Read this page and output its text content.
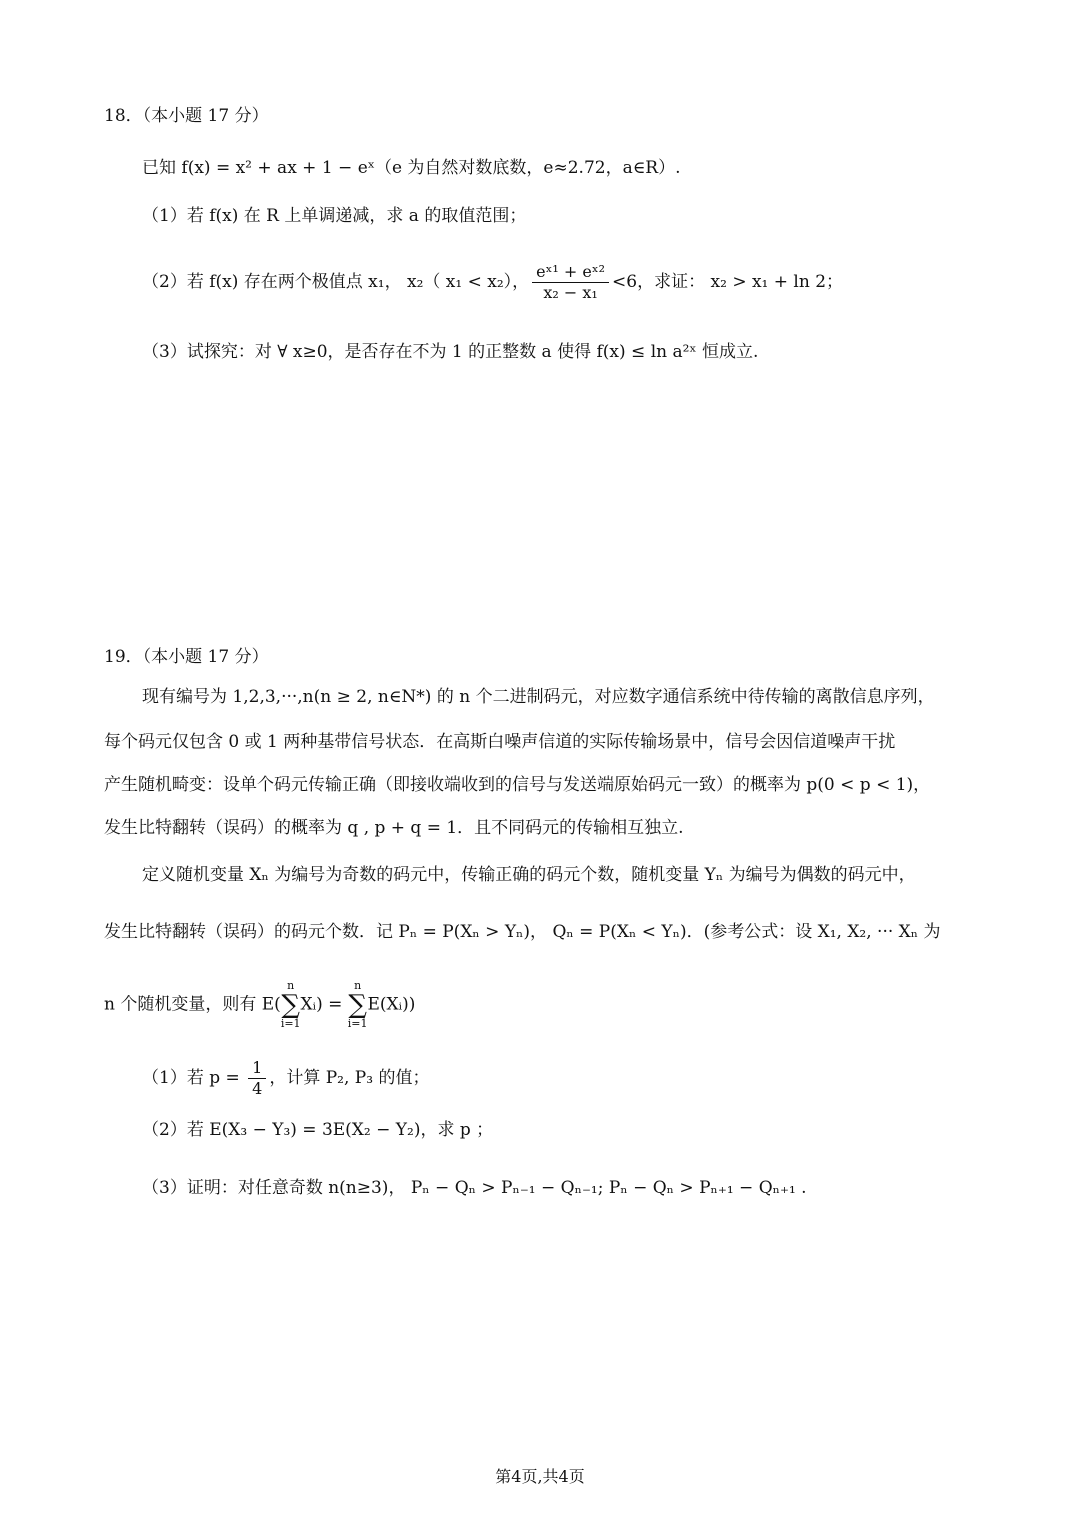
18．（本小题 17 分）
已知 f(x) = x² + ax + 1 − eˣ（e 为自然对数底数，e≈2.72，a∈R）.
（1）若 f(x) 在 R 上单调递减，求 a 的取值范围；
（2）若 f(x) 存在两个极值点 x₁， x₂（ x₁ < x₂）， $\frac{\text{eˣ¹ + eˣ²}}{\text{x₂ − x₁}} <6$，求证： x₂ > x₁ + ln 2；
（3）试探究：对 ∀ x≥0，是否存在不为 1 的正整数 a 使得 f(x) ≤ ln a²ˣ 恒成立.
19．（本小题 17 分）
现有编号为 1,2,3,···,n(n ≥ 2, n∈N*) 的 n 个二进制码元，对应数字通信系统中待传输的离散信息序列，
每个码元仅包含 0 或 1 两种基带信号状态．在高斯白噪声信道的实际传输场景中，信号会因信道噪声干扰
产生随机畸变：设单个码元传输正确（即接收端收到的信号与发送端原始码元一致）的概率为 p(0 < p < 1)，
发生比特翻转（误码）的概率为 q , p + q = 1．且不同码元的传输相互独立.
定义随机变量 Xₙ 为编号为奇数的码元中，传输正确的码元个数，随机变量 Yₙ 为编号为偶数的码元中，
发生比特翻转（误码）的码元个数．记 Pₙ = P(Xₙ > Yₙ)， Qₙ = P(Xₙ < Yₙ)．(参考公式：设 X₁, X₂, ··· Xₙ 为
n 个随机变量，则有 E(
n
∑
i=1
Xᵢ) =
n
∑
i=1
E(Xᵢ))
（1）若 $p = \frac{1}{4}$ ，计算 P₂, P₃ 的值；
（2）若 E(X₃ − Y₃) = 3E(X₂ − Y₂)，求 p ；
（3）证明：对任意奇数 n(n≥3)， Pₙ − Qₙ > Pₙ₋₁ − Qₙ₋₁; Pₙ − Qₙ > Pₙ₊₁ − Qₙ₊₁ .
第4页,共4页
